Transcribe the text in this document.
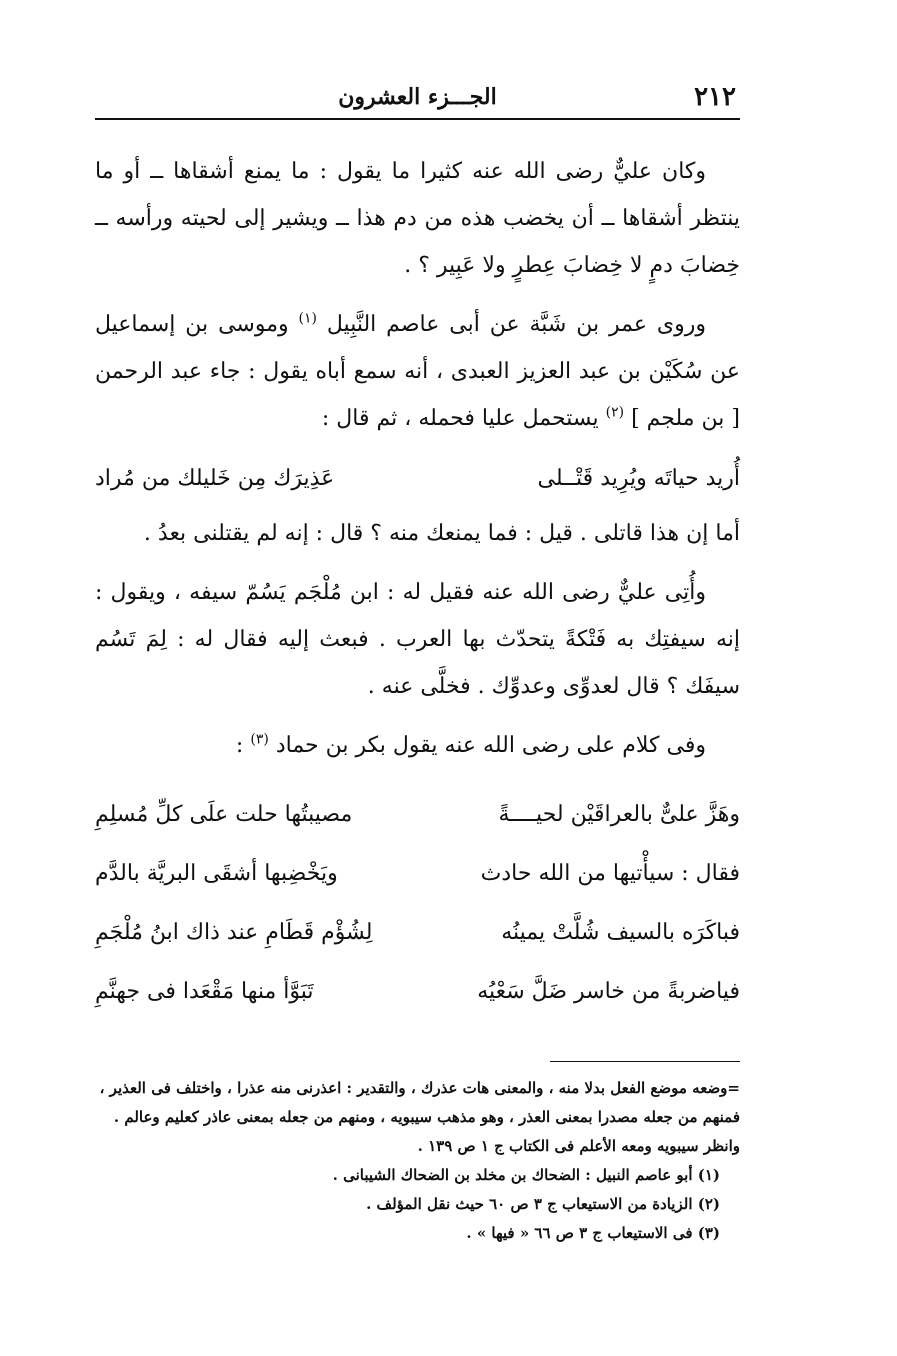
٢١٢
الجـــزء العشرون

وكان عليٌّ رضى الله عنه كثيرا ما يقول : ما يمنع أشقاها ــ أو ما ينتظر أشقاها ــ أن يخضب هذه من دم هذا ــ ويشير إلى لحيته ورأسه ــ خِضابَ دمٍ لا خِضابَ عِطرٍ ولا عَبِير ؟ .

وروى عمر بن شَبَّة عن أبى عاصم النَّبِيل $^{(١)}$ وموسى بن إسماعيل عن سُكَيْن بن عبد العزيز العبدى ، أنه سمع أباه يقول : جاء عبد الرحمن [ بن ملجم ] $^{(٢)}$ يستحمل عليا فحمله ، ثم قال :

أُريد حياتَه ويُرِيد قَتْــلى
عَذِيرَك مِن خَليلك من مُراد

أما إن هذا قاتلى . قيل : فما يمنعك منه ؟ قال : إنه لم يقتلنى بعدُ .

وأُتِى عليٌّ رضى الله عنه فقيل له : ابن مُلْجَم يَسُمّ سيفه ، ويقول : إنه سيفتِك به فَتْكةً يتحدّث بها العرب . فبعث إليه فقال له : لِمَ تَسُم سيفَك ؟ قال لعدوِّى وعدوِّك . فخلَّى عنه .

وفى كلام على رضى الله عنه يقول بكر بن حماد $^{(٣)}$ :

وهَزَّ علىٌّ بالعراقَيْن لحيــــةً
مصيبتُها حلت علَى كلِّ مُسلِمِ
فقال : سيأْتيها من الله حادث
ويَخْضِبها أشقَى البريَّة بالدَّم
فباكَرَه بالسيف شُلَّتْ يمينُه
لِشُؤْم قَطَامِ عند ذاك ابنُ مُلْجَمِ
فياضربةً من خاسر ضَلَّ سَعْيُه
تَبَوَّأ منها مَقْعَدا فى جهنَّمِ

=وضعه موضع الفعل بدلا منه ، والمعنى هات عذرك ، والتقدير : اعذرنى منه عذرا ، واختلف فى العذير ، فمنهم من جعله مصدرا بمعنى العذر ، وهو مذهب سيبويه ، ومنهم من جعله بمعنى عاذر كعليم وعالم . وانظر سيبويه ومعه الأعلم فى الكتاب ج ١ ص ١٣٩ .

(١) أبو عاصم النبيل : الضحاك بن مخلد بن الضحاك الشيبانى .

(٢) الزيادة من الاستيعاب ج ٣ ص ٦٠ حيث نقل المؤلف .

(٣) فى الاستيعاب ج ٣ ص ٦٦ « فيها » .
